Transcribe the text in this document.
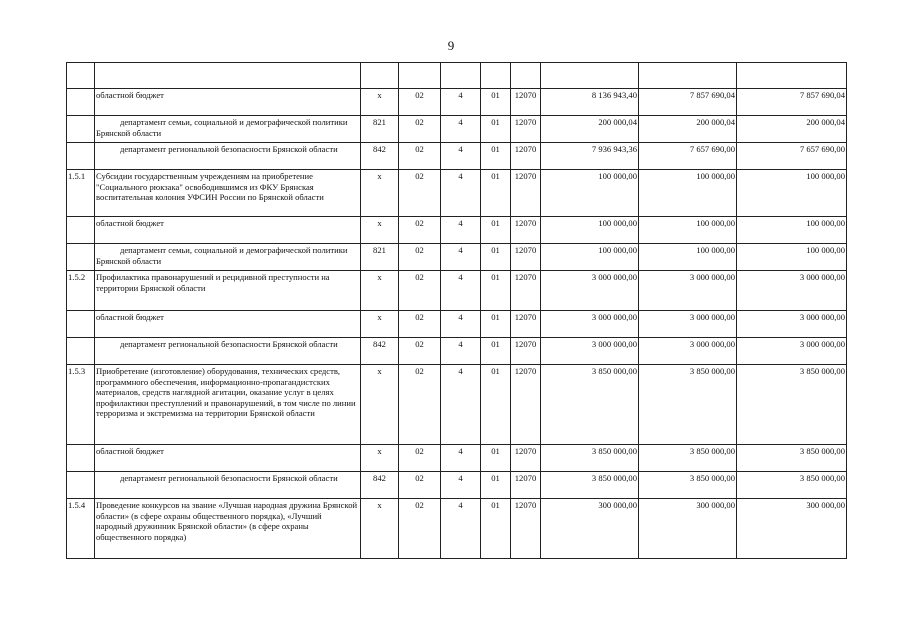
9

	областной бюджет	х	02	4	01	12070	8 136 943,40	7 857 690,04	7 857 690,04
	департамент семьи, социальной и демографической политики Брянской области	821	02	4	01	12070	200 000,04	200 000,04	200 000,04
	департамент региональной безопасности Брянской области	842	02	4	01	12070	7 936 943,36	7 657 690,00	7 657 690,00
1.5.1	Субсидии государственным учреждениям на приобретение "Социального рюкзака" освободившимся из ФКУ Брянская воспитательная колония УФСИН России по Брянской области	х	02	4	01	12070	100 000,00	100 000,00	100 000,00
	областной бюджет	х	02	4	01	12070	100 000,00	100 000,00	100 000,00
	департамент семьи, социальной и демографической политики Брянской области	821	02	4	01	12070	100 000,00	100 000,00	100 000,00
1.5.2	Профилактика правонарушений и рецидивной преступности на территории Брянской области	х	02	4	01	12070	3 000 000,00	3 000 000,00	3 000 000,00
	областной бюджет	х	02	4	01	12070	3 000 000,00	3 000 000,00	3 000 000,00
	департамент региональной безопасности Брянской области	842	02	4	01	12070	3 000 000,00	3 000 000,00	3 000 000,00
1.5.3	Приобретение (изготовление) оборудования, технических средств, программного обеспечения, информационно-пропагандистских материалов, средств наглядной агитации, оказание услуг в целях профилактики преступлений и правонарушений, в том числе по линии терроризма и экстремизма на территории Брянской области	х	02	4	01	12070	3 850 000,00	3 850 000,00	3 850 000,00
	областной бюджет	х	02	4	01	12070	3 850 000,00	3 850 000,00	3 850 000,00
	департамент региональной безопасности Брянской области	842	02	4	01	12070	3 850 000,00	3 850 000,00	3 850 000,00
1.5.4	Проведение конкурсов на звание «Лучшая народная дружина Брянской области» (в сфере охраны общественного порядка), «Лучший народный дружинник Брянской области» (в сфере охраны общественного порядка)	х	02	4	01	12070	300 000,00	300 000,00	300 000,00
